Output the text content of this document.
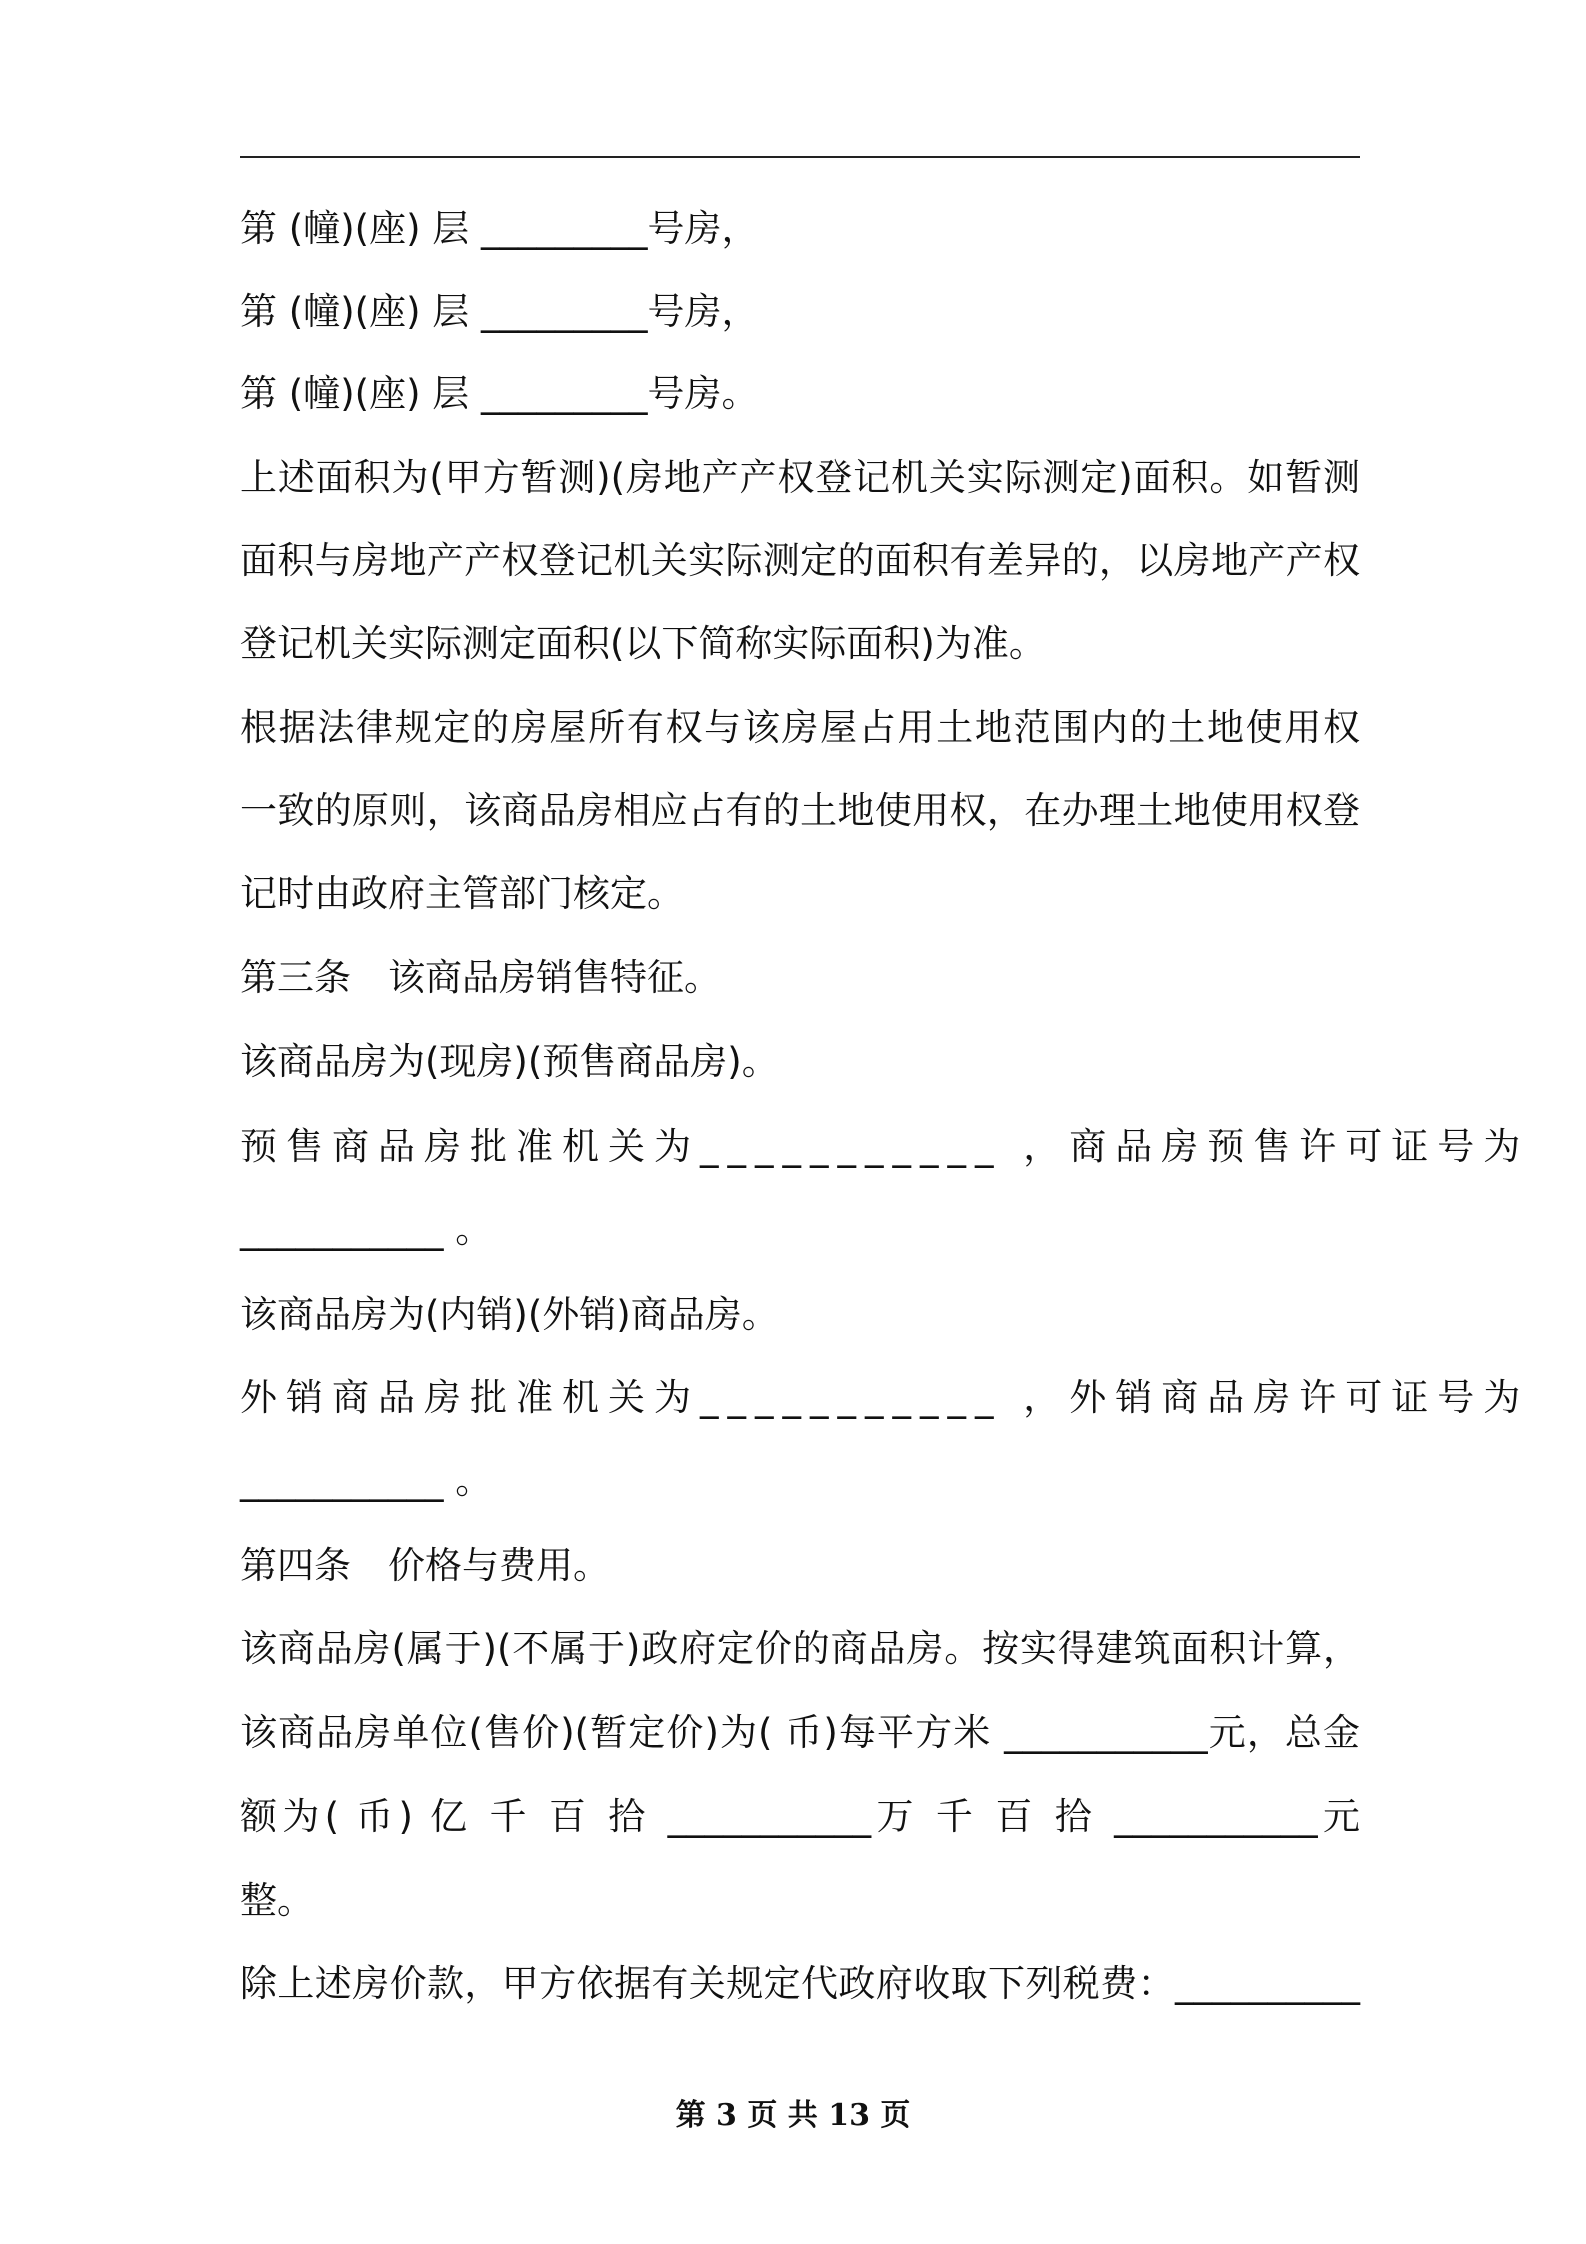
第 (幢)(座) 层 _________号房，
第 (幢)(座) 层 _________号房，
第 (幢)(座) 层 _________号房。
上述面积为(甲方暂测)(房地产产权登记机关实际测定)面积。如暂测
面积与房地产产权登记机关实际测定的面积有差异的，以房地产产权
登记机关实际测定面积(以下简称实际面积)为准。
根据法律规定的房屋所有权与该房屋占用土地范围内的土地使用权
一致的原则，该商品房相应占有的土地使用权，在办理土地使用权登
记时由政府主管部门核定。
第三条　该商品房销售特征。
该商品房为(现房)(预售商品房)。
预售商品房批准机关为___________ ，商品房预售许可证号为
___________ 。
该商品房为(内销)(外销)商品房。
外销商品房批准机关为___________ ，外销商品房许可证号为
___________ 。
第四条　价格与费用。
该商品房(属于)(不属于)政府定价的商品房。按实得建筑面积计算，
该商品房单位(售价)(暂定价)为( 币)每平方米 ___________元，总金
额为( 币) 亿 千 百 拾 ___________万 千 百 拾 ___________元
整。
除上述房价款，甲方依据有关规定代政府收取下列税费：__________
第 3 页 共 13 页
